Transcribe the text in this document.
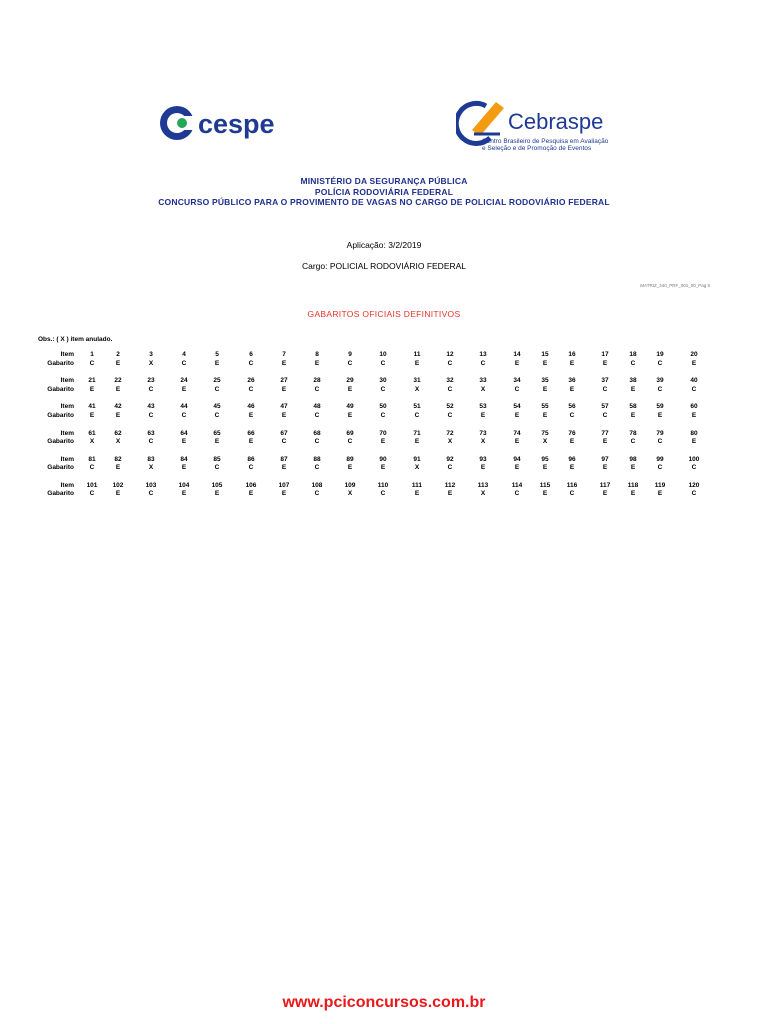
cespe	Cebraspe
Centro Brasileiro de Pesquisa em Avaliação
e Seleção e de Promoção de Eventos
MINISTÉRIO DA SEGURANÇA PÚBLICA
POLÍCIA RODOVIÁRIA FEDERAL
CONCURSO PÚBLICO PARA O PROVIMENTO DE VAGAS NO CARGO DE POLICIAL RODOVIÁRIO FEDERAL
Aplicação: 3/2/2019
Cargo: POLICIAL RODOVIÁRIO FEDERAL
MATRIZ_440_PRF_001_00_Pag 9
GABARITOS OFICIAIS DEFINITIVOS
Obs.: ( X ) item anulado.
Item
Gabarito
1
C
2
E
3
X
4
C
5
E
6
C
7
E
8
E
9
C
10
C
11
E
12
C
13
C
14
E
15
E
16
E
17
E
18
C
19
C
20
E
Item
Gabarito
21
E
22
E
23
C
24
E
25
C
26
C
27
E
28
C
29
E
30
C
31
X
32
C
33
X
34
C
35
E
36
E
37
C
38
E
39
C
40
C
Item
Gabarito
41
E
42
E
43
C
44
C
45
C
46
E
47
E
48
C
49
E
50
C
51
C
52
C
53
E
54
E
55
E
56
C
57
C
58
E
59
E
60
E
Item
Gabarito
61
X
62
X
63
C
64
E
65
E
66
E
67
C
68
C
69
C
70
E
71
E
72
X
73
X
74
E
75
X
76
E
77
E
78
C
79
C
80
E
Item
Gabarito
81
C
82
E
83
X
84
E
85
C
86
C
87
E
88
C
89
E
90
E
91
X
92
C
93
E
94
E
95
E
96
E
97
E
98
E
99
C
100
C
Item
Gabarito
101
C
102
E
103
C
104
E
105
E
106
E
107
E
108
C
109
X
110
C
111
E
112
E
113
X
114
C
115
E
116
C
117
E
118
E
119
E
120
C
www.pciconcursos.com.br
